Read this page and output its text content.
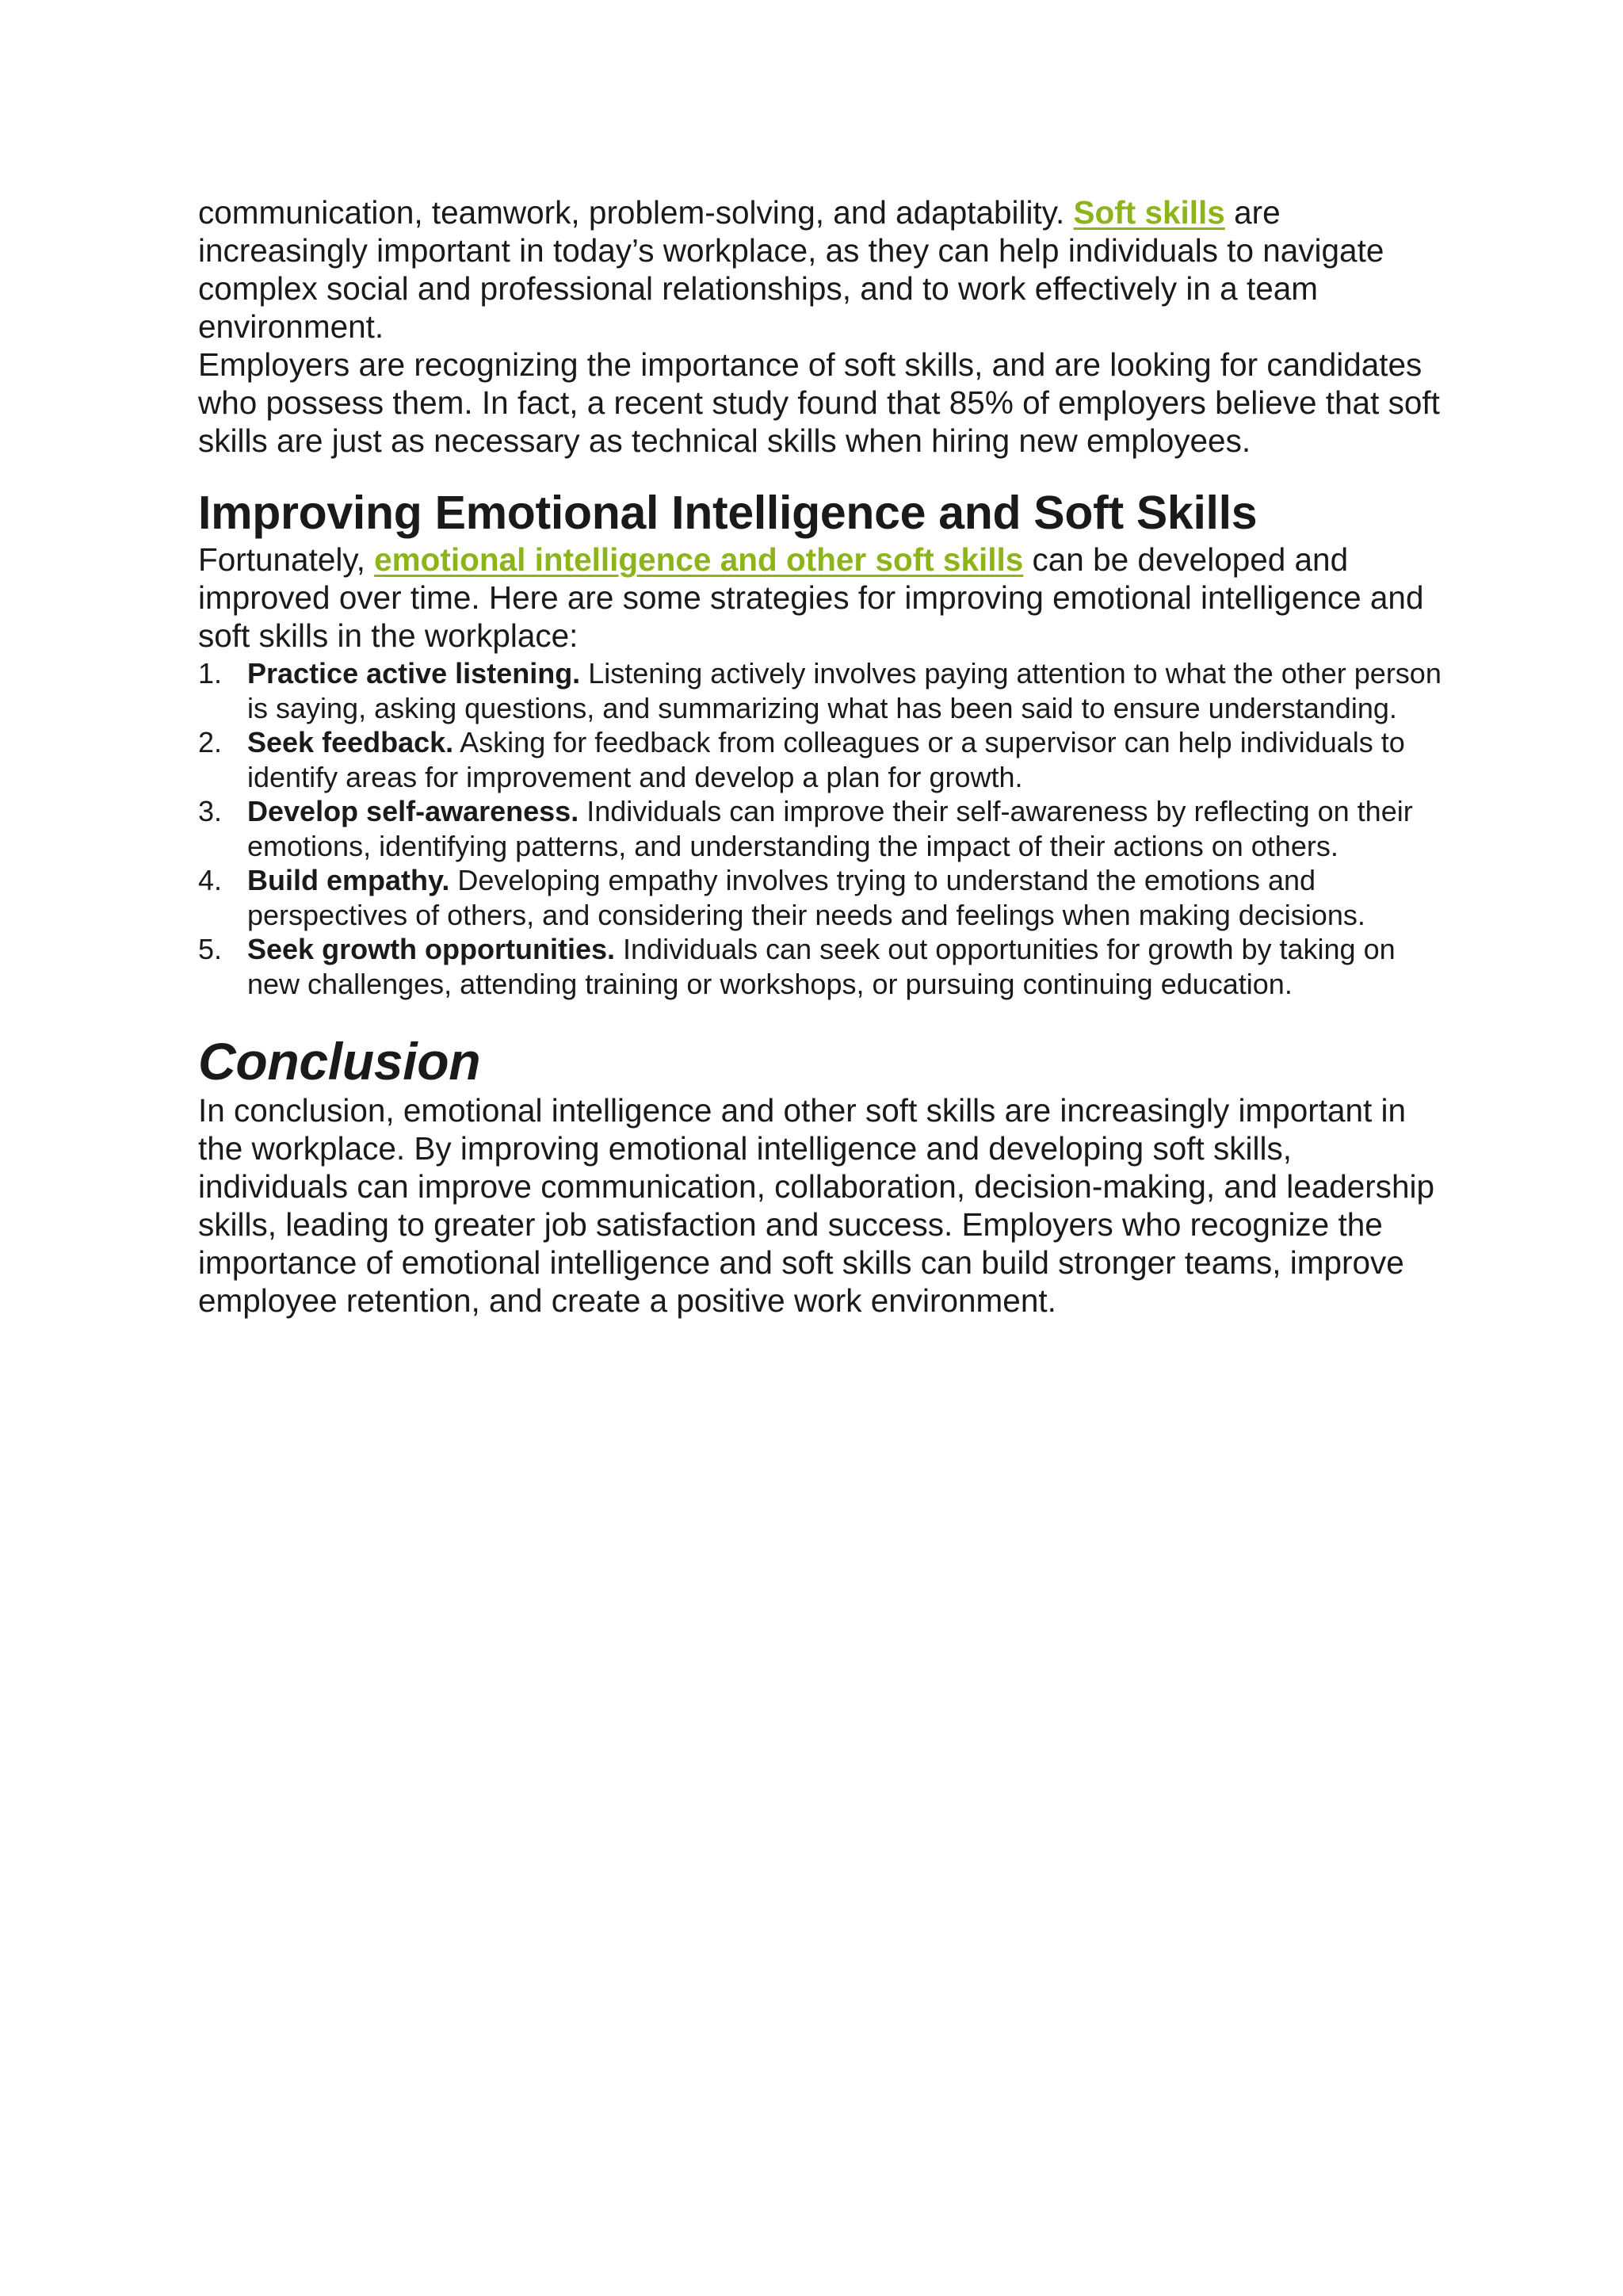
communication, teamwork, problem-solving, and adaptability. Soft skills are increasingly important in today’s workplace, as they can help individuals to navigate complex social and professional relationships, and to work effectively in a team environment.

Employers are recognizing the importance of soft skills, and are looking for candidates who possess them. In fact, a recent study found that 85% of employers believe that soft skills are just as necessary as technical skills when hiring new employees.

Improving Emotional Intelligence and Soft Skills

Fortunately, emotional intelligence and other soft skills can be developed and improved over time. Here are some strategies for improving emotional intelligence and soft skills in the workplace:

1. Practice active listening. Listening actively involves paying attention to what the other person is saying, asking questions, and summarizing what has been said to ensure understanding.
2. Seek feedback. Asking for feedback from colleagues or a supervisor can help individuals to identify areas for improvement and develop a plan for growth.
3. Develop self-awareness. Individuals can improve their self-awareness by reflecting on their emotions, identifying patterns, and understanding the impact of their actions on others.
4. Build empathy. Developing empathy involves trying to understand the emotions and perspectives of others, and considering their needs and feelings when making decisions.
5. Seek growth opportunities. Individuals can seek out opportunities for growth by taking on new challenges, attending training or workshops, or pursuing continuing education.
Conclusion

In conclusion, emotional intelligence and other soft skills are increasingly important in the workplace. By improving emotional intelligence and developing soft skills, individuals can improve communication, collaboration, decision-making, and leadership skills, leading to greater job satisfaction and success. Employers who recognize the importance of emotional intelligence and soft skills can build stronger teams, improve employee retention, and create a positive work environment.
